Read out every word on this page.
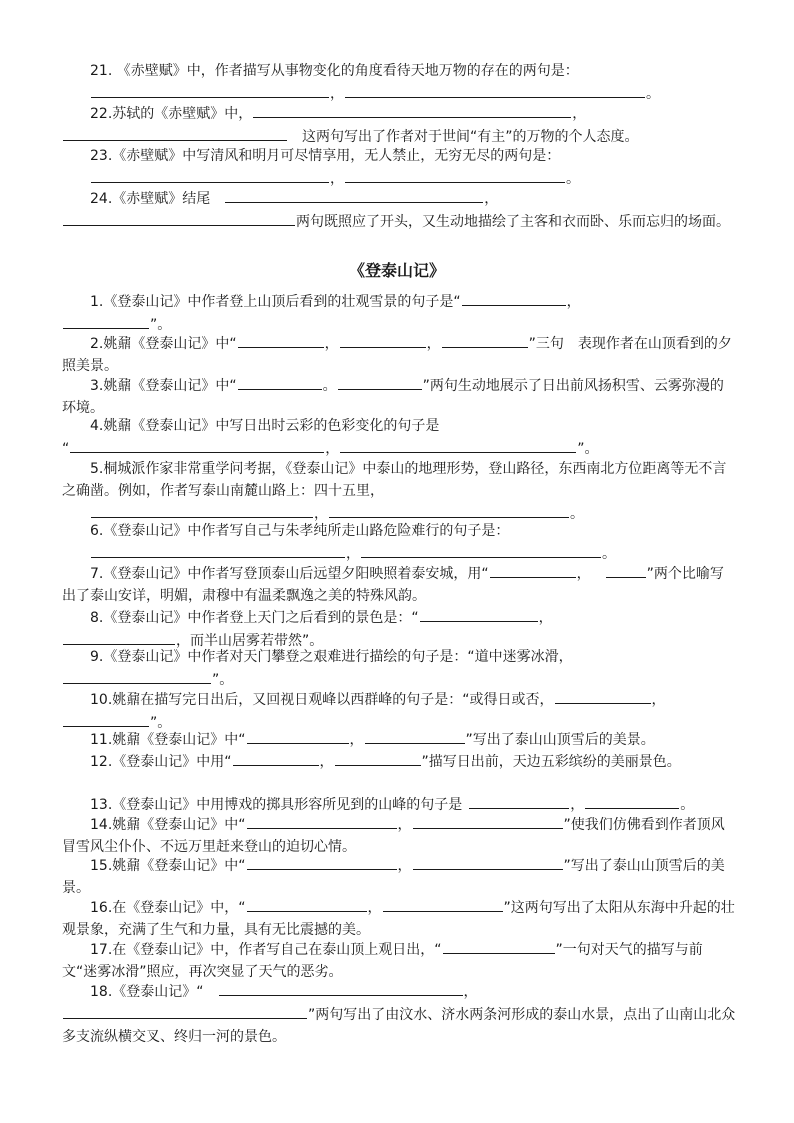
21. 《赤壁赋》中，作者描写从事物变化的角度看待天地万物的存在的两句是：
，	。
22.苏轼的《赤壁赋》中，	，
这两句写出了作者对于世间“有主”的万物的个人态度。
23.《赤壁赋》中写清风和明月可尽情享用，无人禁止，无穷无尽的两句是：
，	。
24.《赤壁赋》结尾	，
两句既照应了开头，又生动地描绘了主客和衣而卧、乐而忘归的场面。
《登泰山记》
1.《登泰山记》中作者登上山顶后看到的壮观雪景的句子是“	，
”。
2.姚鼐《登泰山记》中“	，	，	”三句　表现作者在山顶看到的夕照美景。
3.姚鼐《登泰山记》中“	。	”两句生动地展示了日出前风扬积雪、云雾弥漫的环境。
4.姚鼐《登泰山记》中写日出时云彩的色彩变化的句子是
“	，	”。
5.桐城派作家非常重学问考据，《登泰山记》中泰山的地理形势，登山路径，东西南北方位距离等无不言之确凿。例如，作者写泰山南麓山路上：四十五里，
，	。
6.《登泰山记》中作者写自己与朱孝纯所走山路危险难行的句子是：
，	。
7.《登泰山记》中作者写登顶泰山后远望夕阳映照着泰安城，用“	，	”两个比喻写出了泰山安详，明媚，肃穆中有温柔飘逸之美的特殊风韵。
8.《登泰山记》中作者登上天门之后看到的景色是：“	，
，而半山居雾若带然”。
9.《登泰山记》中作者对天门攀登之艰难进行描绘的句子是：“道中迷雾冰滑，
”。
10.姚鼐在描写完日出后，又回视日观峰以西群峰的句子是：“或得日或否，	，
”。
11.姚鼐《登泰山记》中“	，	”写出了泰山山顶雪后的美景。
12.《登泰山记》中用“	，	”描写日出前，天边五彩缤纷的美丽景色。
13.《登泰山记》中用博戏的掷具形容所见到的山峰的句子是	，	。
14.姚鼐《登泰山记》中“	，	”使我们仿佛看到作者顶风冒雪风尘仆仆、不远万里赶来登山的迫切心情。
15.姚鼐《登泰山记》中“	，	”写出了泰山山顶雪后的美景。
16.在《登泰山记》中，“	，	”这两句写出了太阳从东海中升起的壮观景象，充满了生气和力量，具有无比震撼的美。
17.在《登泰山记》中，作者写自己在泰山顶上观日出，“	”一句对天气的描写与前文“迷雾冰滑”照应，再次突显了天气的恶劣。
18.《登泰山记》“	，
”两句写出了由汶水、济水两条河形成的泰山水景，点出了山南山北众多支流纵横交叉、终归一河的景色。
